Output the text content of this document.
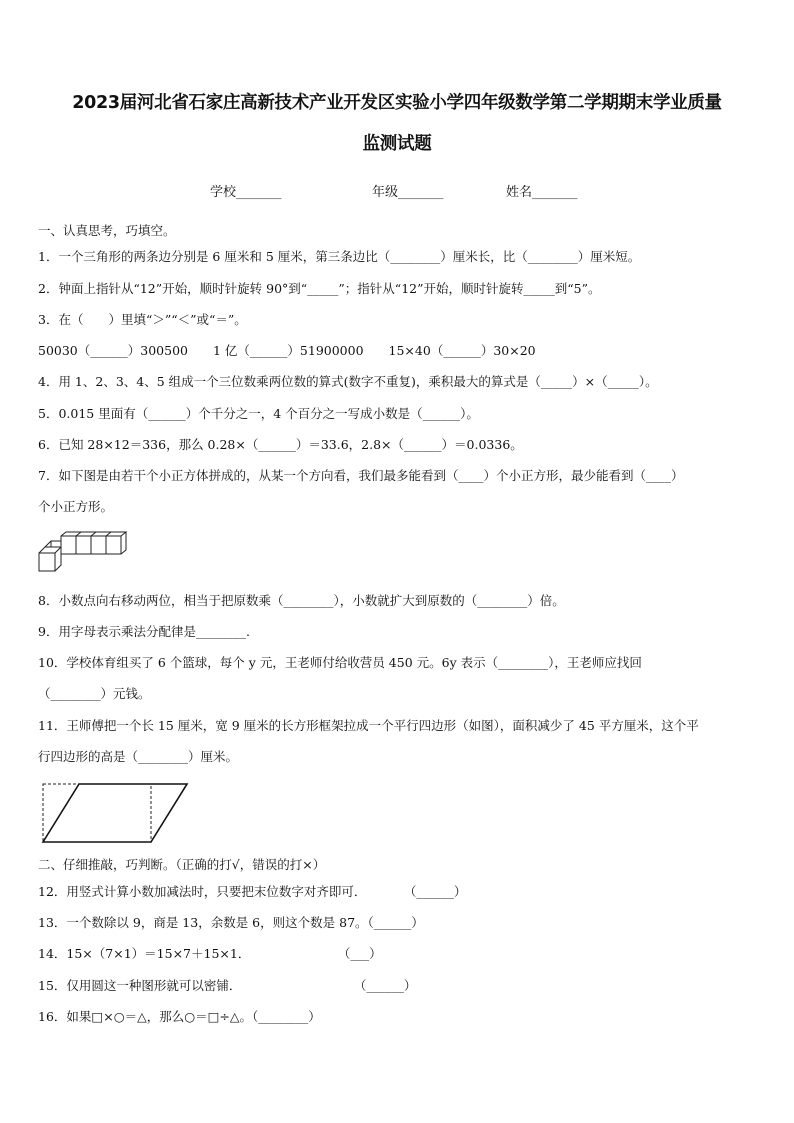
2023届河北省石家庄高新技术产业开发区实验小学四年级数学第二学期期末学业质量
监测试题
学校_______	年级_______	姓名_______
一、认真思考，巧填空。
1．一个三角形的两条边分别是 6 厘米和 5 厘米，第三条边比（________）厘米长，比（________）厘米短。
2．钟面上指针从“12”开始，顺时针旋转 90°到“_____”；指针从“12”开始，顺时针旋转_____到“5”。
3．在（　　）里填“＞”“＜”或“＝”。
50030（______）300500　　1 亿（______）51900000　　15×40（______）30×20
4．用 1、2、3、4、5 组成一个三位数乘两位数的算式(数字不重复)，乘积最大的算式是（_____）×（_____）。
5．0.015 里面有（______）个千分之一，4 个百分之一写成小数是（______）。
6．已知 28×12＝336，那么 0.28×（______）＝33.6，2.8×（______）＝0.0336。
7．如下图是由若干个小正方体拼成的，从某一个方向看，我们最多能看到（____）个小正方形，最少能看到（____）
个小正方形。
8．小数点向右移动两位，相当于把原数乘（________），小数就扩大到原数的（________）倍。
9．用字母表示乘法分配律是________.
10．学校体育组买了 6 个篮球，每个 y 元，王老师付给收营员 450 元。6y 表示（________），王老师应找回
（________）元钱。
11．王师傅把一个长 15 厘米，宽 9 厘米的长方形框架拉成一个平行四边形（如图），面积减少了 45 平方厘米，这个平
行四边形的高是（________）厘米。
二、仔细推敲，巧判断。（正确的打√，错误的打×）
12．用竖式计算小数加减法时，只要把末位数字对齐即可．　　　　（______）
13．一个数除以 9，商是 13，余数是 6，则这个数是 87。（______）
14．15×（7×1）＝15×7＋15×1．　　　　　　　　（___）
15．仅用圆这一种图形就可以密铺．　　　　　　　　　　（______）
16．如果□×○＝△，那么○＝□÷△。（________）
